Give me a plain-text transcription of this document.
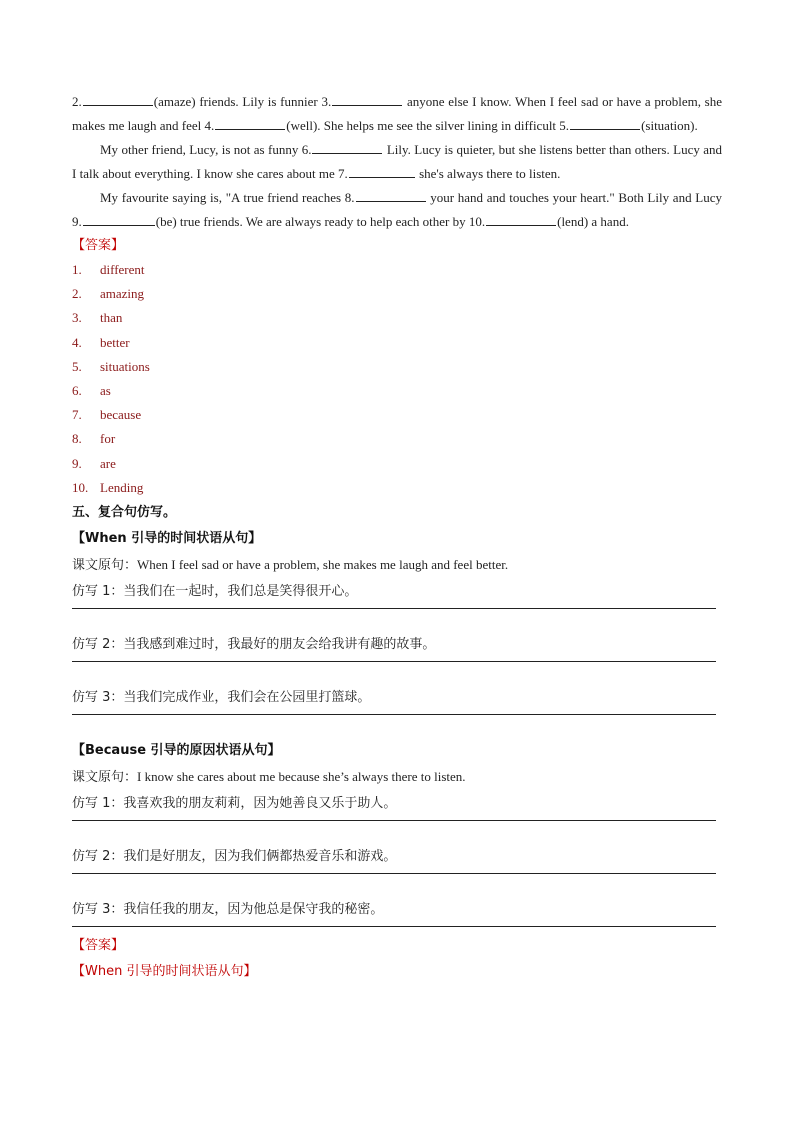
2.	(amaze) friends. Lily is funnier 3.	anyone else I know. When I feel sad or have a problem, she makes me laugh and feel 4.	(well). She helps me see the silver lining in difficult 5.	(situation).

My other friend, Lucy, is not as funny 6.	Lily. Lucy is quieter, but she listens better than others. Lucy and I talk about everything. I know she cares about me 7.	she's always there to listen.

My favourite saying is, "A true friend reaches 8.	your hand and touches your heart." Both Lily and Lucy 9.	(be) true friends. We are always ready to help each other by 10.	(lend) a hand.

【答案】

1.	different
2.	amazing
3.	than
4.	better
5.	situations
6.	as
7.	because
8.	for
9.	are
10. Lending

五、复合句仿写。

【When 引导的时间状语从句】

课文原句：When I feel sad or have a problem, she makes me laugh and feel better.

仿写 1：当我们在一起时，我们总是笑得很开心。

仿写 2：当我感到难过时，我最好的朋友会给我讲有趣的故事。

仿写 3：当我们完成作业，我们会在公园里打篮球。

【Because 引导的原因状语从句】

课文原句：I know she cares about me because she’s always there to listen.

仿写 1：我喜欢我的朋友莉莉，因为她善良又乐于助人。

仿写 2：我们是好朋友，因为我们俩都热爱音乐和游戏。

仿写 3：我信任我的朋友，因为他总是保守我的秘密。

【答案】

【When 引导的时间状语从句】
